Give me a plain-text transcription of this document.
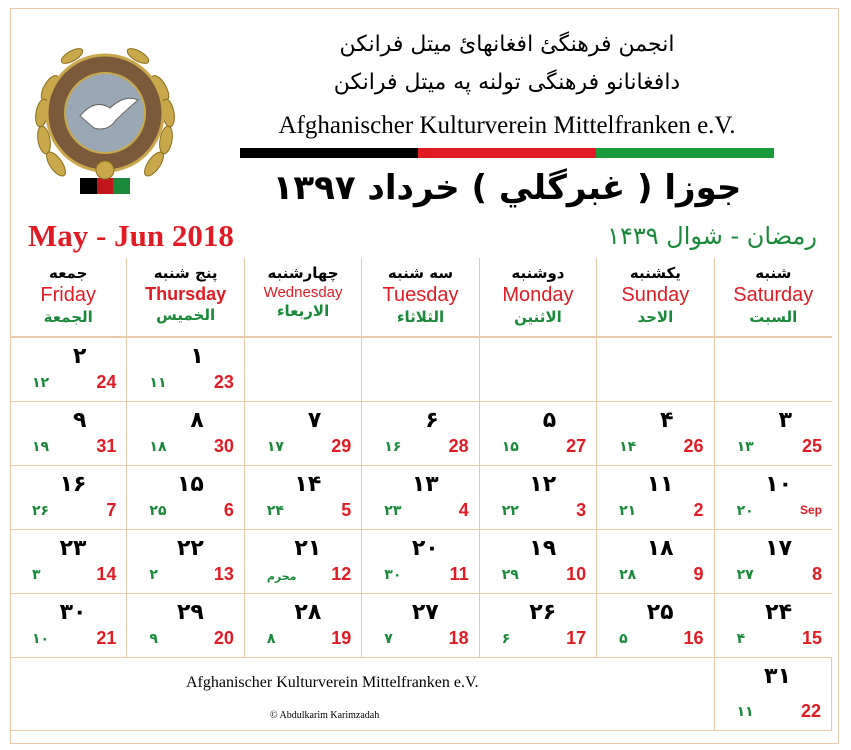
انجمن فرهنگیٔ افغانهایٔ میتل فرانکن
دافغانانو فرهنگی تولنه په میتل فرانکن
Afghanischer Kulturverein Mittelfranken e.V.
جوزا ( غبرگلي ) خرداد ۱۳۹۷
May - Jun 2018	رمضان - شوال ۱۴۳۹
جمعه
Friday
الجمعة
پنج شنبه
Thursday
الخميس
چهارشنبه
Wednesday
الاربعاء
سه شنبه
Tuesday
الثلاثاء
دوشنبه
Monday
الاثنين
یکشنبه
Sunday
الاحد
شنبه
Saturday
السبت
۲
24
۱۲
۱
23
۱۱
۹
31
۱۹
۸
30
۱۸
۷
29
۱۷
۶
28
۱۶
۵
27
۱۵
۴
26
۱۴
۳
25
۱۳
۱۶
7
۲۶
۱۵
6
۲۵
۱۴
5
۲۴
۱۳
4
۲۳
۱۲
3
۲۲
۱۱
2
۲۱
۱۰
Sep
۲۰
۲۳
14
۳
۲۲
13
۲
۲۱
12
محرم
۲۰
11
۳۰
۱۹
10
۲۹
۱۸
9
۲۸
۱۷
8
۲۷
۳۰
21
۱۰
۲۹
20
۹
۲۸
19
۸
۲۷
18
۷
۲۶
17
۶
۲۵
16
۵
۲۴
15
۴
Afghanischer Kulturverein Mittelfranken e.V.
© Abdulkarim Karimzadah
۳۱
22
۱۱
